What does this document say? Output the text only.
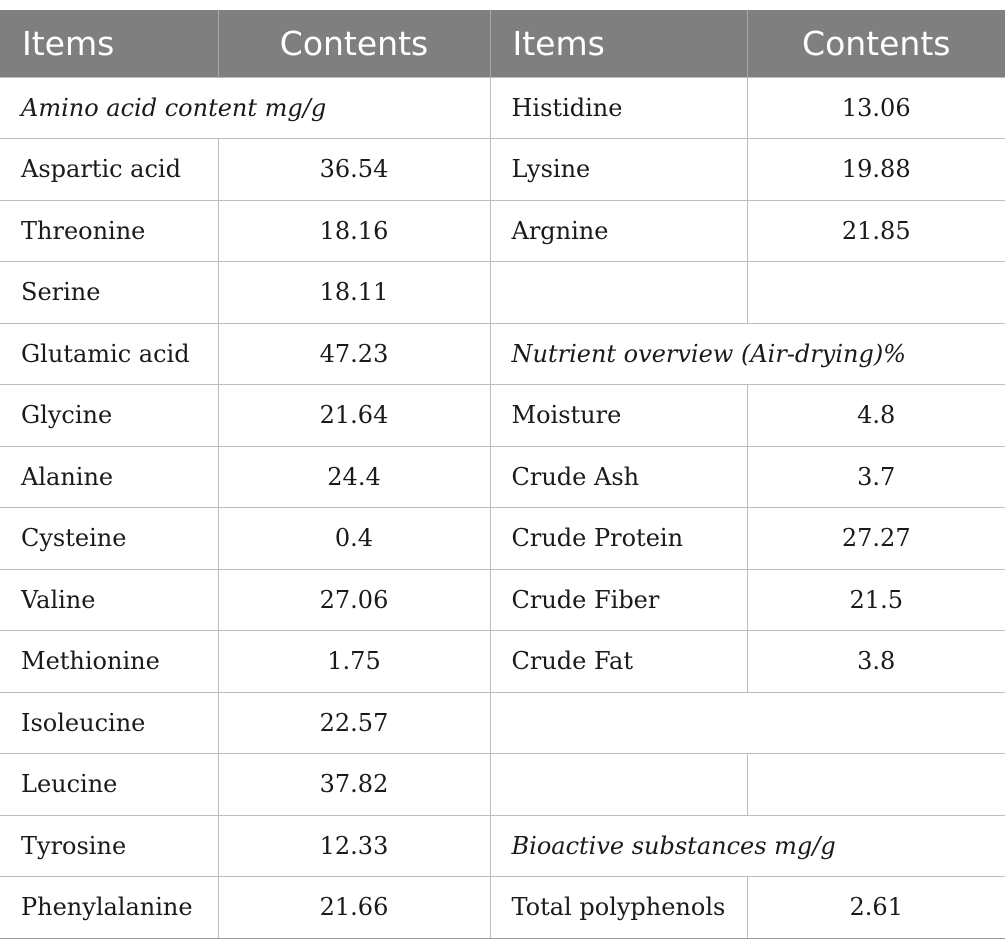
Items	Contents	Items	Contents
Amino acid content mg/g		Histidine	13.06
Aspartic acid	36.54	Lysine	19.88
Threonine	18.16	Argnine	21.85
Serine	18.11		
Glutamic acid	47.23	Nutrient overview (Air-drying)%	
Glycine	21.64	Moisture	4.8
Alanine	24.4	Crude Ash	3.7
Cysteine	0.4	Crude Protein	27.27
Valine	27.06	Crude Fiber	21.5
Methionine	1.75	Crude Fat	3.8
Isoleucine	22.57		
Leucine	37.82		
Tyrosine	12.33	Bioactive substances mg/g	
Phenylalanine	21.66	Total polyphenols	2.61
